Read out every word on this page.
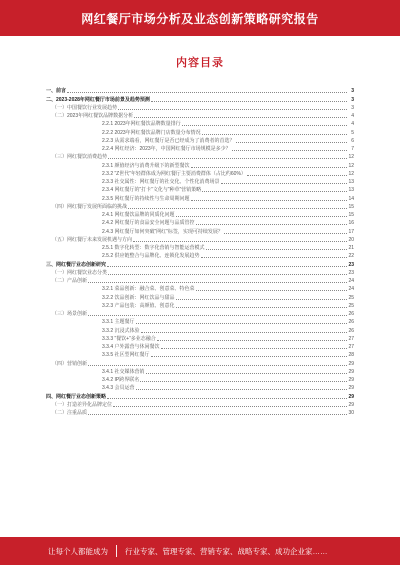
网红餐厅市场分析及业态创新策略研究报告
内容目录
一、前言	3
二、2023-2028年网红餐厅市场前景及趋势预测	3
（一）中国餐饮行业发展趋势	3
（二）2023年网红餐饮品牌数据分析	4
2.2.1 2023年网红餐饮品牌数量排行	4
2.2.2 2023年网红餐饮品牌门店数量分布情况	5
2.2.3 从需求端看，网红餐厅是否已经成为了消费者的首选？	6
2.2.4 网红经济：2023年，中国网红餐厅市场规模是多少？	7
（三）网红餐饮消费趋势	12
2.3.1 颜值经济与消费升级下的新型餐饮	12
2.3.2 “Z世代”年轻群体成为网红餐厅主要消费群体（占比约60%）	12
2.3.3 社交属性：网红餐厅的社交化、个性化消费场景	13
2.3.4 网红餐厅的“打卡”文化与“种草”营销策略	13
2.3.5 网红餐厅的持续性与生命周期问题	14
（四）网红餐厅发展所面临的挑战	15
2.4.1 网红餐饮品牌的同质化问题	15
2.4.2 网红餐厅的食品安全问题与品质管控	16
2.4.3 网红餐厅如何突破“网红”标签，实现可持续发展？	17
（五）网红餐厅未来发展机遇与方向	20
2.5.1 数字化转型：数字化营销与智能运营模式	21
2.5.2 供应链整合与品牌化、连锁化发展趋势	22
三、网红餐厅业态创新研究	23
（一）网红餐饮业态分类	23
（二）产品创新	24
3.2.1 菜品创新：融合菜、创意菜、特色菜	24
3.2.2 饮品创新：网红饮品与甜品	25
3.2.3 产品包装：高颜值、创意化	25
（三）场景创新	26
3.3.1 主题餐厅	26
3.3.2 沉浸式体验	26
3.3.3 “餐饮+”多业态融合	27
3.3.4 户外露营与休闲餐饮	27
3.3.5 社区型网红餐厅	28
（四）营销创新	29
3.4.1 社交媒体营销	29
3.4.2 IP跨界联名	29
3.4.3 会员运营	29
四、网红餐厅业态创新策略	29
（一）打造差异化品牌定位	29
（二）注重品质	30
让每个人都能成为 行业专家、管理专家、营销专家、战略专家、成功企业家……
